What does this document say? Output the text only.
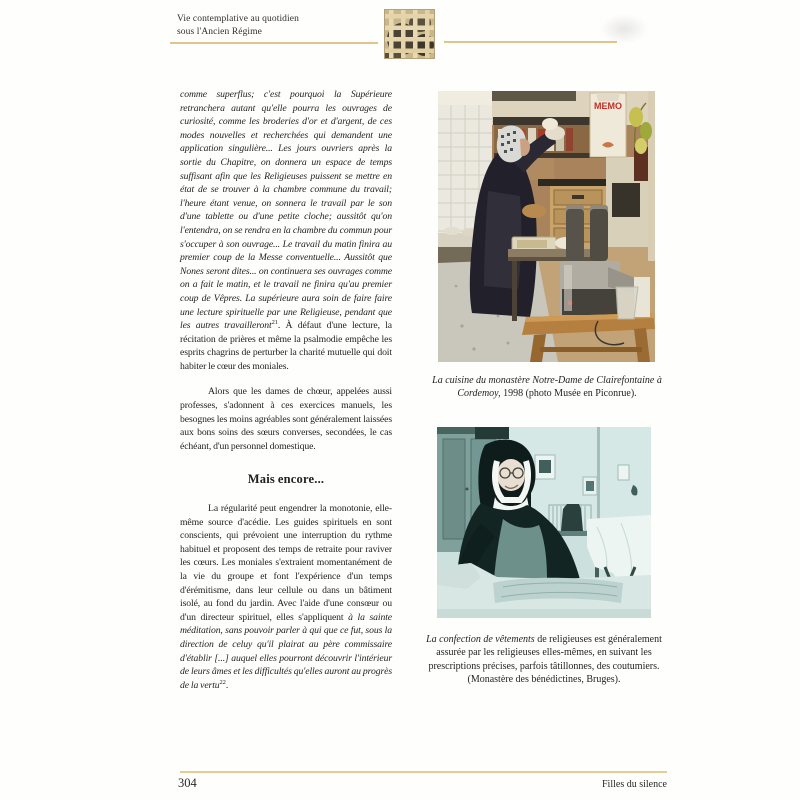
Vie contemplative au quotidien
sous l'Ancien Régime

comme superflus; c'est pourquoi la Supérieure retranchera autant qu'elle pourra les ouvrages de curiosité, comme les broderies d'or et d'argent, de ces modes nouvelles et recherchées qui demandent une application singulière... Les jours ouvriers après la sortie du Chapitre, on donnera un espace de temps suffisant afin que les Religieuses puissent se mettre en état de se trouver à la chambre commune du travail; l'heure étant venue, on sonnera le travail par le son d'une tablette ou d'une petite cloche; aussitôt qu'on l'entendra, on se rendra en la chambre du commun pour s'occuper à son ouvrage... Le travail du matin finira au premier coup de la Messe conventuelle... Aussitôt que Nones seront dites... on continuera ses ouvrages comme on a fait le matin, et le travail ne finira qu'au premier coup de Vêpres. La supérieure aura soin de faire faire une lecture spirituelle par une Religieuse, pendant que les autres travailleront$^{21}$. À défaut d'une lecture, la récitation de prières et même la psalmodie empêche les esprits chagrins de perturber la charité mutuelle qui doit habiter le cœur des moniales.

Alors que les dames de chœur, appelées aussi professes, s'adonnent à ces exercices manuels, les besognes les moins agréables sont généralement laissées aux bons soins des sœurs converses, secondées, le cas échéant, d'un personnel domestique.

Mais encore...

La régularité peut engendrer la monotonie, elle-même source d'acédie. Les guides spirituels en sont conscients, qui prévoient une interruption du rythme habituel et proposent des temps de retraite pour raviver les cœurs. Les moniales s'extraient momentanément de la vie du groupe et font l'expérience d'un temps d'érémitisme, dans leur cellule ou dans un bâtiment isolé, au fond du jardin. Avec l'aide d'une consœur ou d'un directeur spirituel, elles s'appliquent à la sainte méditation, sans pouvoir parler à qui que ce fut, sous la direction de celuy qu'il plairat au père commissaire d'établir [...] auquel elles pourront découvrir l'intérieur de leurs âmes et les difficultés qu'elles auront au progrès de la vertu$^{22}$.

MEMO
La cuisine du monastère Notre-Dame de Clairefontaine à Cordemoy, 1998 (photo Musée en Piconrue).
La confection de vêtements de religieuses est généralement assurée par les religieuses elles-mêmes, en suivant les prescriptions précises, parfois tâtillonnes, des coutumiers. (Monastère des bénédictines, Bruges).
304	Filles du silence
